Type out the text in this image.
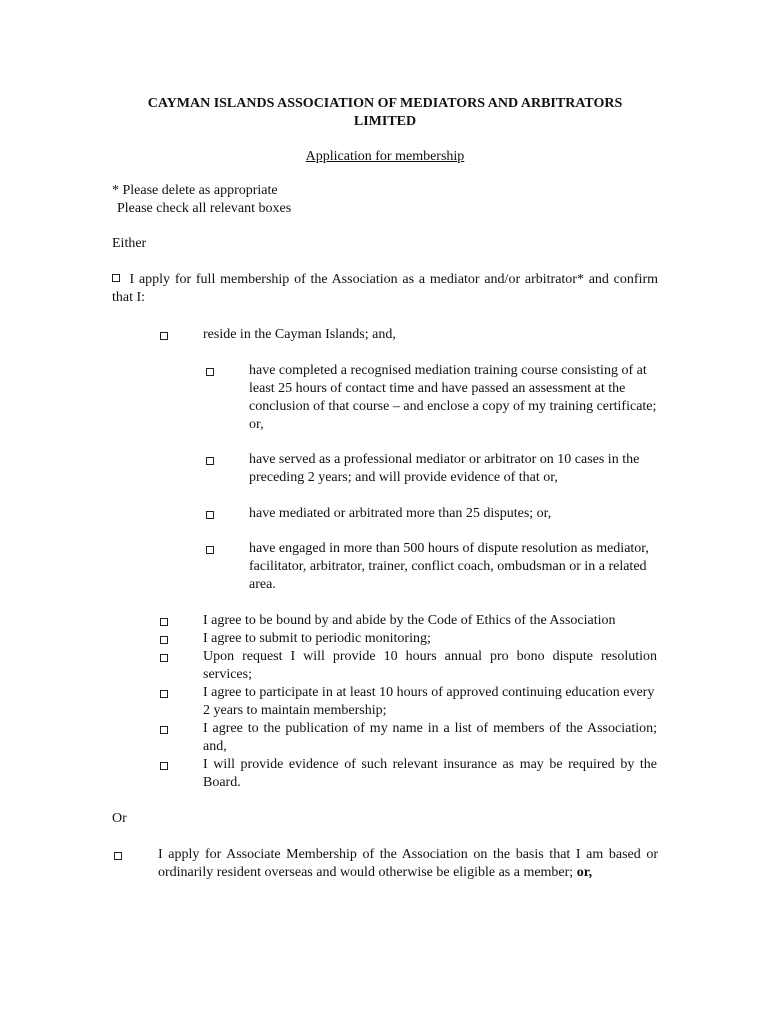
CAYMAN ISLANDS ASSOCIATION OF MEDIATORS AND ARBITRATORS
LIMITED
Application for membership
* Please delete as appropriate
Please check all relevant boxes
Either
I apply for full membership of the Association as a mediator and/or arbitrator* and confirm that I:
reside in the Cayman Islands; and,
have completed a recognised mediation training course consisting of at least 25 hours of contact time and have passed an assessment at the conclusion of that course – and enclose a copy of my training certificate; or,
have served as a professional mediator or arbitrator on 10 cases in the preceding 2 years; and will provide evidence of that or,
have mediated or arbitrated more than 25 disputes; or,
have engaged in more than 500 hours of dispute resolution as mediator, facilitator, arbitrator, trainer, conflict coach, ombudsman or in a related area.
I agree to be bound by and abide by the Code of Ethics of the Association
I agree to submit to periodic monitoring;
Upon request I will provide 10 hours annual pro bono dispute resolution services;
I agree to participate in at least 10 hours of approved continuing education every 2 years to maintain membership;
I agree to the publication of my name in a list of members of the Association; and,
I will provide evidence of such relevant insurance as may be required by the Board.
Or
I apply for Associate Membership of the Association on the basis that I am based or ordinarily resident overseas and would otherwise be eligible as a member; or,
